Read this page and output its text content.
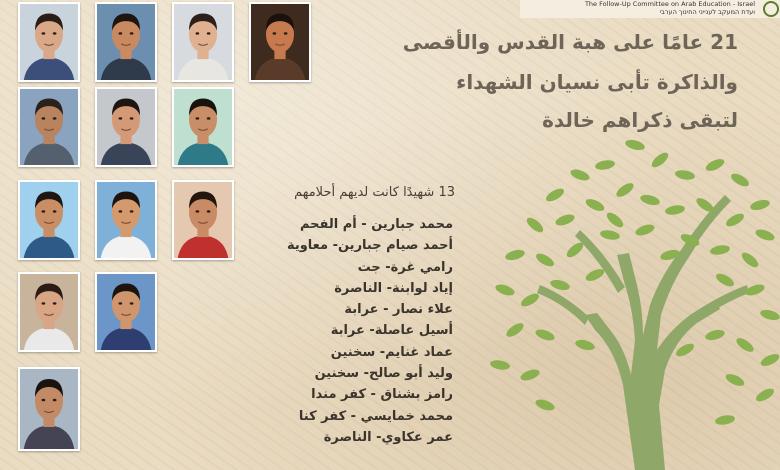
The Follow-Up Committee on Arab Education - Israel
ועדת המעקב לענייני החינוך הערבי
21 عامًا على هبة القدس والأقصى
والذاكرة تأبى نسيان الشهداء
لتبقى ذكراهم خالدة
13 شهيدًا كانت لديهم أحلامهم
محمد جبارين - أم الفحم
أحمد صيام جبارين- معاوية
رامي غرة- جت
إياد لوابنة- الناصرة
علاء نصار - عرابة
أسيل عاصلة- عرابة
عماد غنايم- سخنين
وليد أبو صالح- سخنين
رامز بشناق - كفر مندا
محمد خمايسي - كفر كنا
عمر عكاوي- الناصرة
